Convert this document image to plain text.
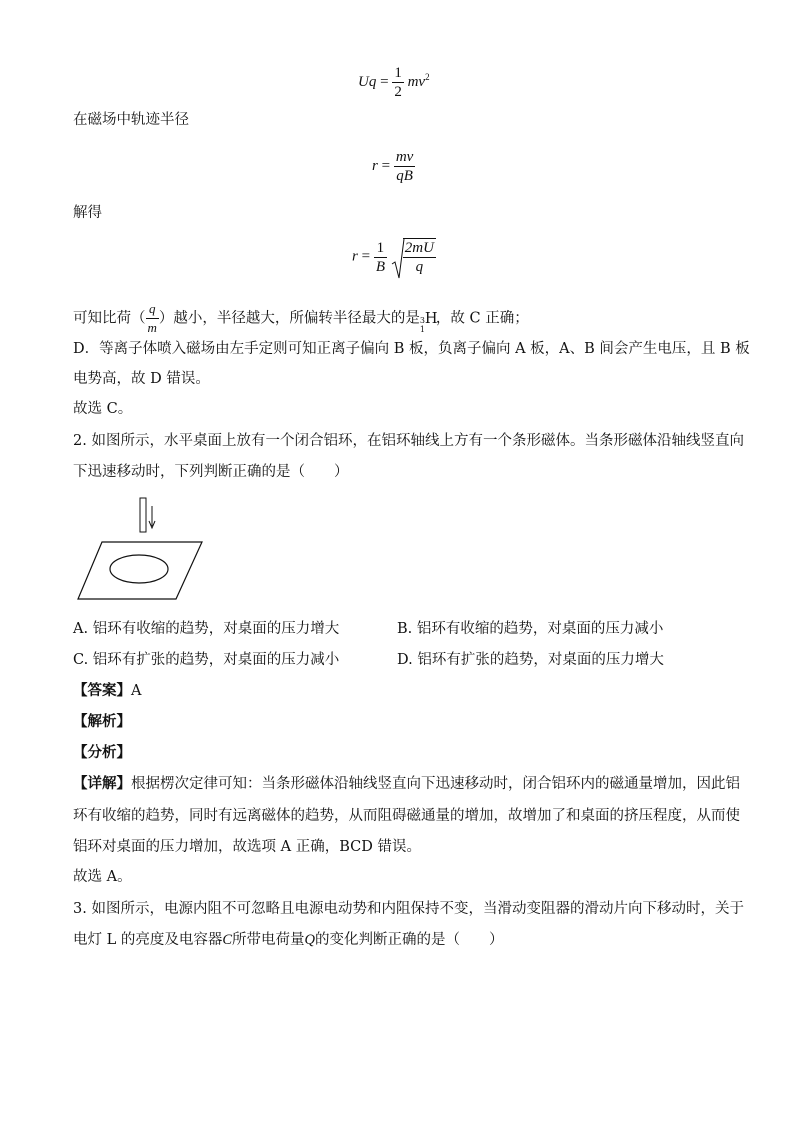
$Uq = \frac{1}{2} mv^2$
在磁场中轨迹半径
$r = \frac{mv}{qB}$
解得
$r = \frac{1}{B}$
$\frac{2mU}{q}$
可知比荷（ $\frac{q}{m}$ ）越小，半径越大，所偏转半径最大的是 3
1
H
，故 C 正确；
D．等离子体喷入磁场由左手定则可知正离子偏向 B 板，负离子偏向 A 板，A、B 间会产生电压，且 B 板
电势高，故 D 错误。
故选 C。
2. 如图所示，水平桌面上放有一个闭合铝环，在铝环轴线上方有一个条形磁体。当条形磁体沿轴线竖直向
下迅速移动时，下列判断正确的是（　　）
A. 铝环有收缩的趋势，对桌面的压力增大	B. 铝环有收缩的趋势，对桌面的压力减小
C. 铝环有扩张的趋势，对桌面的压力减小	D. 铝环有扩张的趋势，对桌面的压力增大
【答案】A
【解析】
【分析】
【详解】根据楞次定律可知：当条形磁体沿轴线竖直向下迅速移动时，闭合铝环内的磁通量增加，因此铝
环有收缩的趋势，同时有远离磁体的趋势，从而阻碍磁通量的增加，故增加了和桌面的挤压程度，从而使
铝环对桌面的压力增加，故选项 A 正确，BCD 错误。
故选 A。
3. 如图所示，电源内阻不可忽略且电源电动势和内阻保持不变，当滑动变阻器的滑动片向下移动时，关于
电灯 L 的亮度及电容器C所带电荷量Q的变化判断正确的是（　　）
